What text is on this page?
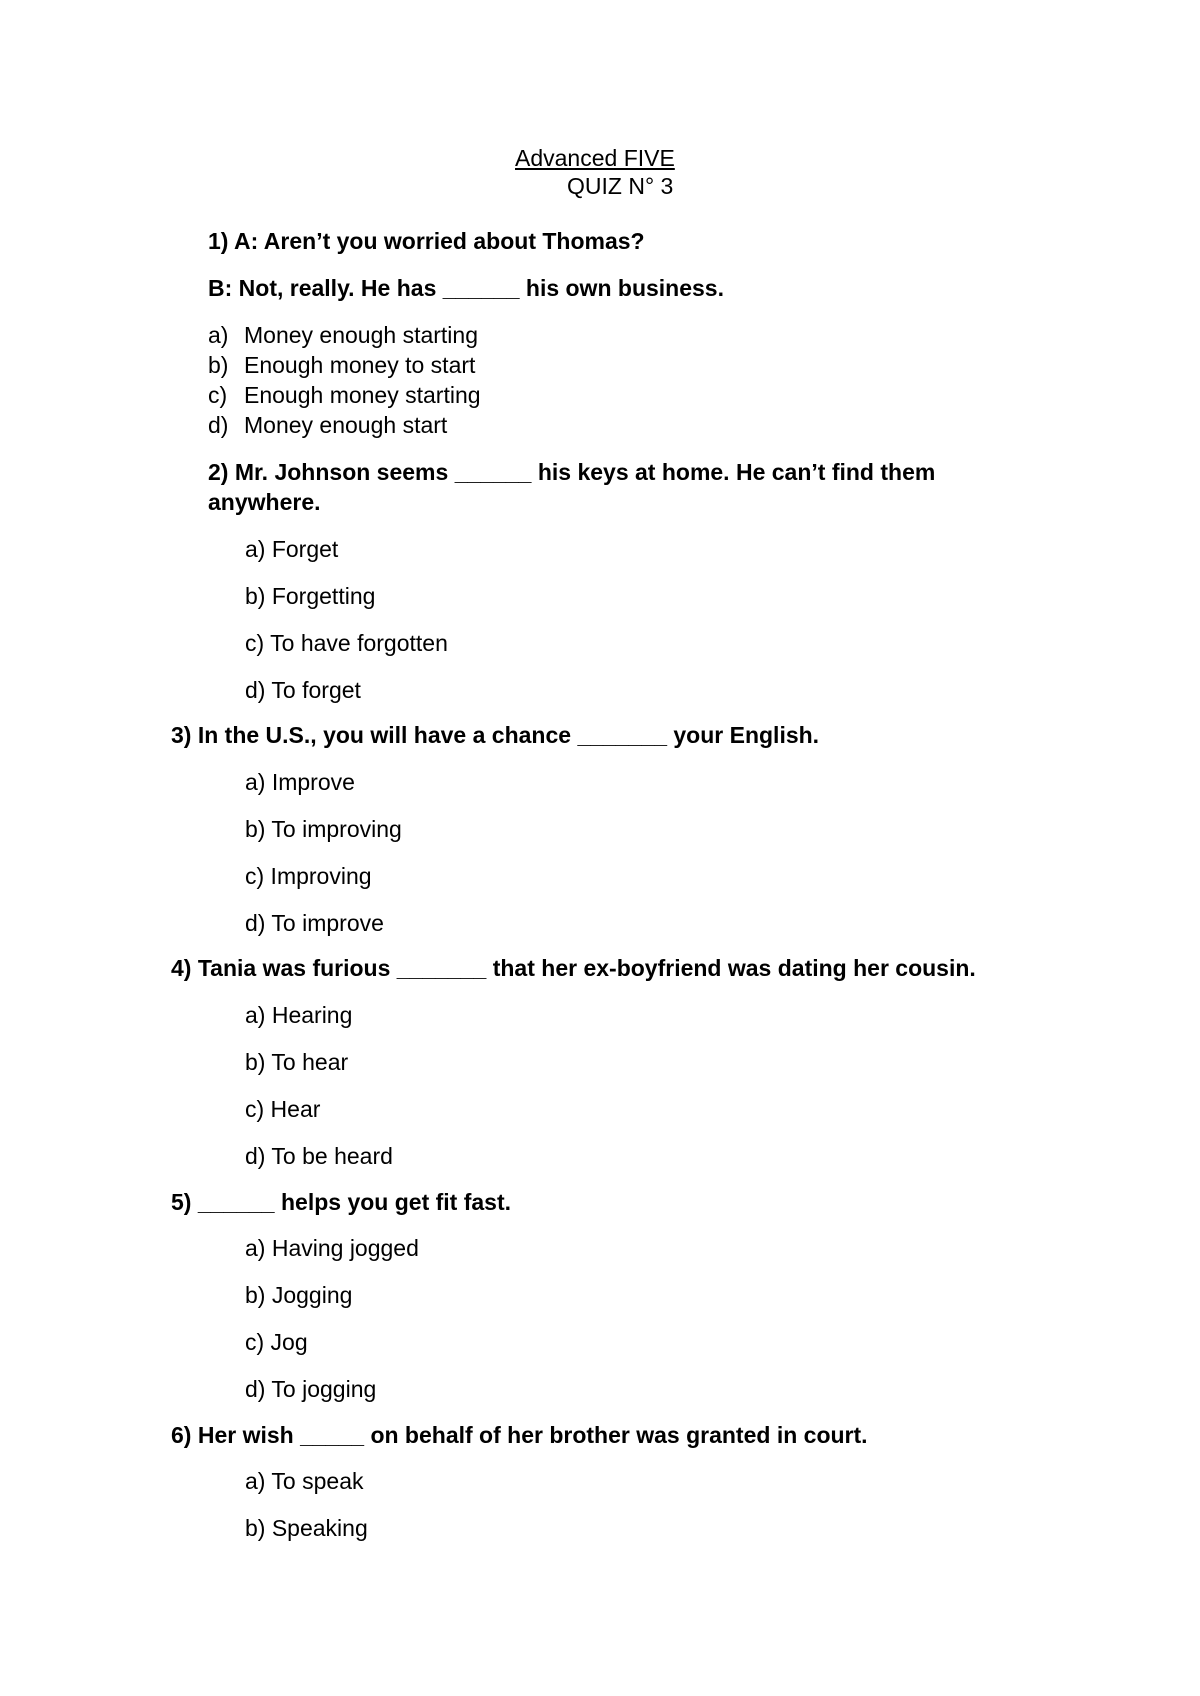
Advanced FIVE
QUIZ N° 3
1) A: Aren’t you worried about Thomas?
B: Not, really. He has ______ his own business.
a) Money enough starting
b) Enough money to start
c) Enough money starting
d) Money enough start
2) Mr. Johnson seems ______ his keys at home. He can’t find them
anywhere.
a) Forget
b) Forgetting
c) To have forgotten
d) To forget
3) In the U.S., you will have a chance _______ your English.
a) Improve
b) To improving
c) Improving
d) To improve
4) Tania was furious _______ that her ex-boyfriend was dating her cousin.
a) Hearing
b) To hear
c) Hear
d) To be heard
5) ______ helps you get fit fast.
a) Having jogged
b) Jogging
c) Jog
d) To jogging
6) Her wish _____ on behalf of her brother was granted in court.
a) To speak
b) Speaking
